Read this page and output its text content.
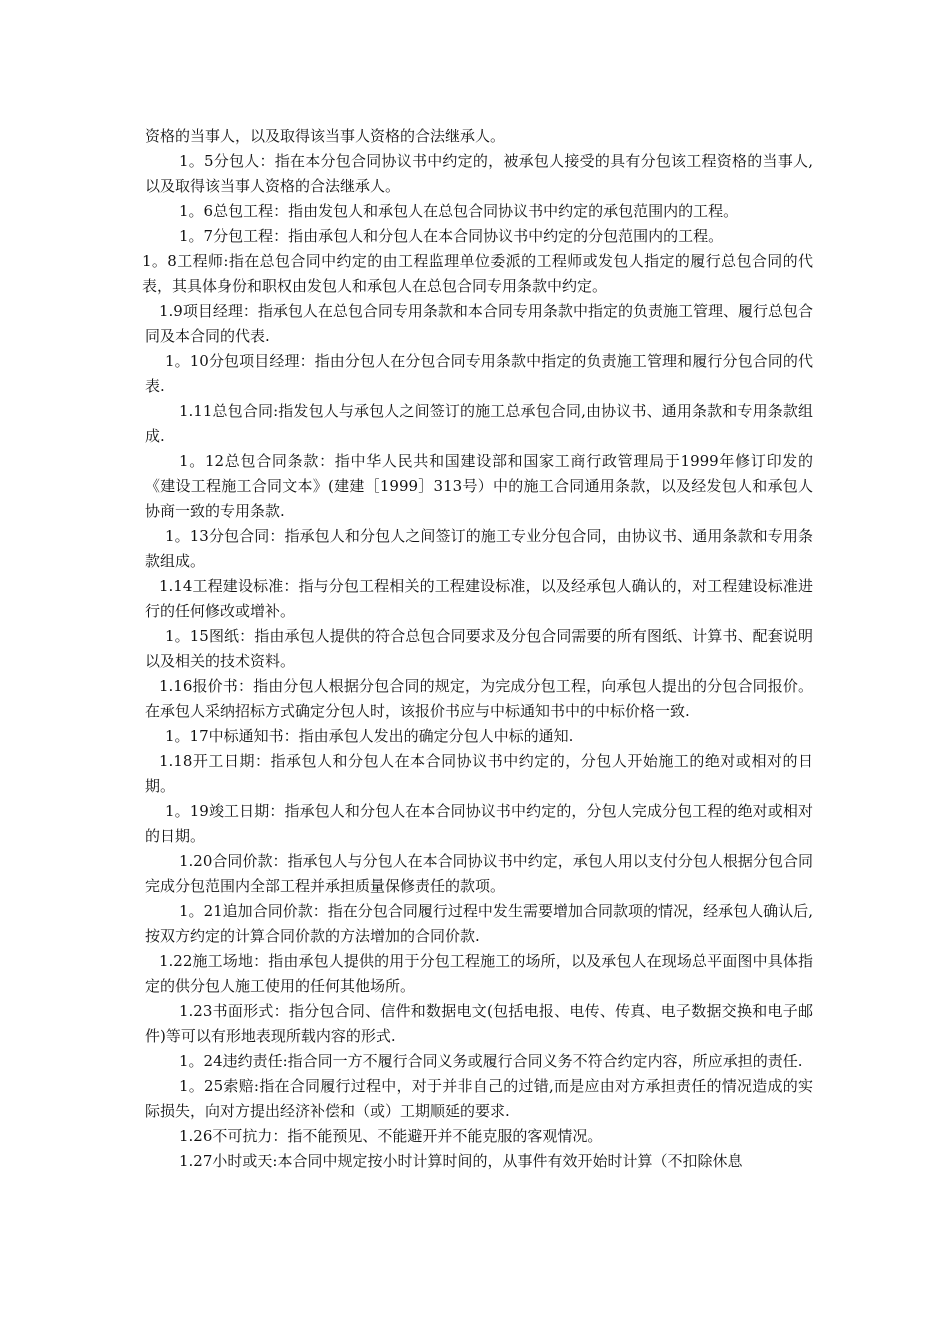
资格的当事人，以及取得该当事人资格的合法继承人。

1。5分包人：指在本分包合同协议书中约定的，被承包人接受的具有分包该工程资格的当事人,以及取得该当事人资格的合法继承人。

1。6总包工程：指由发包人和承包人在总包合同协议书中约定的承包范围内的工程。

1。7分包工程：指由承包人和分包人在本合同协议书中约定的分包范围内的工程。

1。8工程师:指在总包合同中约定的由工程监理单位委派的工程师或发包人指定的履行总包合同的代表，其具体身份和职权由发包人和承包人在总包合同专用条款中约定。

1.9项目经理：指承包人在总包合同专用条款和本合同专用条款中指定的负责施工管理、履行总包合同及本合同的代表.

1。10分包项目经理：指由分包人在分包合同专用条款中指定的负责施工管理和履行分包合同的代表.

1.11总包合同:指发包人与承包人之间签订的施工总承包合同,由协议书、通用条款和专用条款组成.

1。12总包合同条款：指中华人民共和国建设部和国家工商行政管理局于1999年修订印发的《建设工程施工合同文本》(建建［1999］313号）中的施工合同通用条款，以及经发包人和承包人协商一致的专用条款.

1。13分包合同：指承包人和分包人之间签订的施工专业分包合同，由协议书、通用条款和专用条款组成。

1.14工程建设标准：指与分包工程相关的工程建设标准，以及经承包人确认的，对工程建设标准进行的任何修改或增补。

1。15图纸：指由承包人提供的符合总包合同要求及分包合同需要的所有图纸、计算书、配套说明以及相关的技术资料。

1.16报价书：指由分包人根据分包合同的规定，为完成分包工程，向承包人提出的分包合同报价。在承包人采纳招标方式确定分包人时，该报价书应与中标通知书中的中标价格一致.

1。17中标通知书：指由承包人发出的确定分包人中标的通知.

1.18开工日期：指承包人和分包人在本合同协议书中约定的，分包人开始施工的绝对或相对的日期。

1。19竣工日期：指承包人和分包人在本合同协议书中约定的，分包人完成分包工程的绝对或相对的日期。

1.20合同价款：指承包人与分包人在本合同协议书中约定，承包人用以支付分包人根据分包合同完成分包范围内全部工程并承担质量保修责任的款项。

1。21追加合同价款：指在分包合同履行过程中发生需要增加合同款项的情况，经承包人确认后,按双方约定的计算合同价款的方法增加的合同价款.

1.22施工场地：指由承包人提供的用于分包工程施工的场所，以及承包人在现场总平面图中具体指定的供分包人施工使用的任何其他场所。

1.23书面形式：指分包合同、信件和数据电文(包括电报、电传、传真、电子数据交换和电子邮件)等可以有形地表现所载内容的形式.

1。24违约责任:指合同一方不履行合同义务或履行合同义务不符合约定内容，所应承担的责任.

1。25索赔:指在合同履行过程中，对于并非自己的过错,而是应由对方承担责任的情况造成的实际损失，向对方提出经济补偿和（或）工期顺延的要求.

1.26不可抗力：指不能预见、不能避开并不能克服的客观情况。

1.27小时或天:本合同中规定按小时计算时间的，从事件有效开始时计算（不扣除休息
